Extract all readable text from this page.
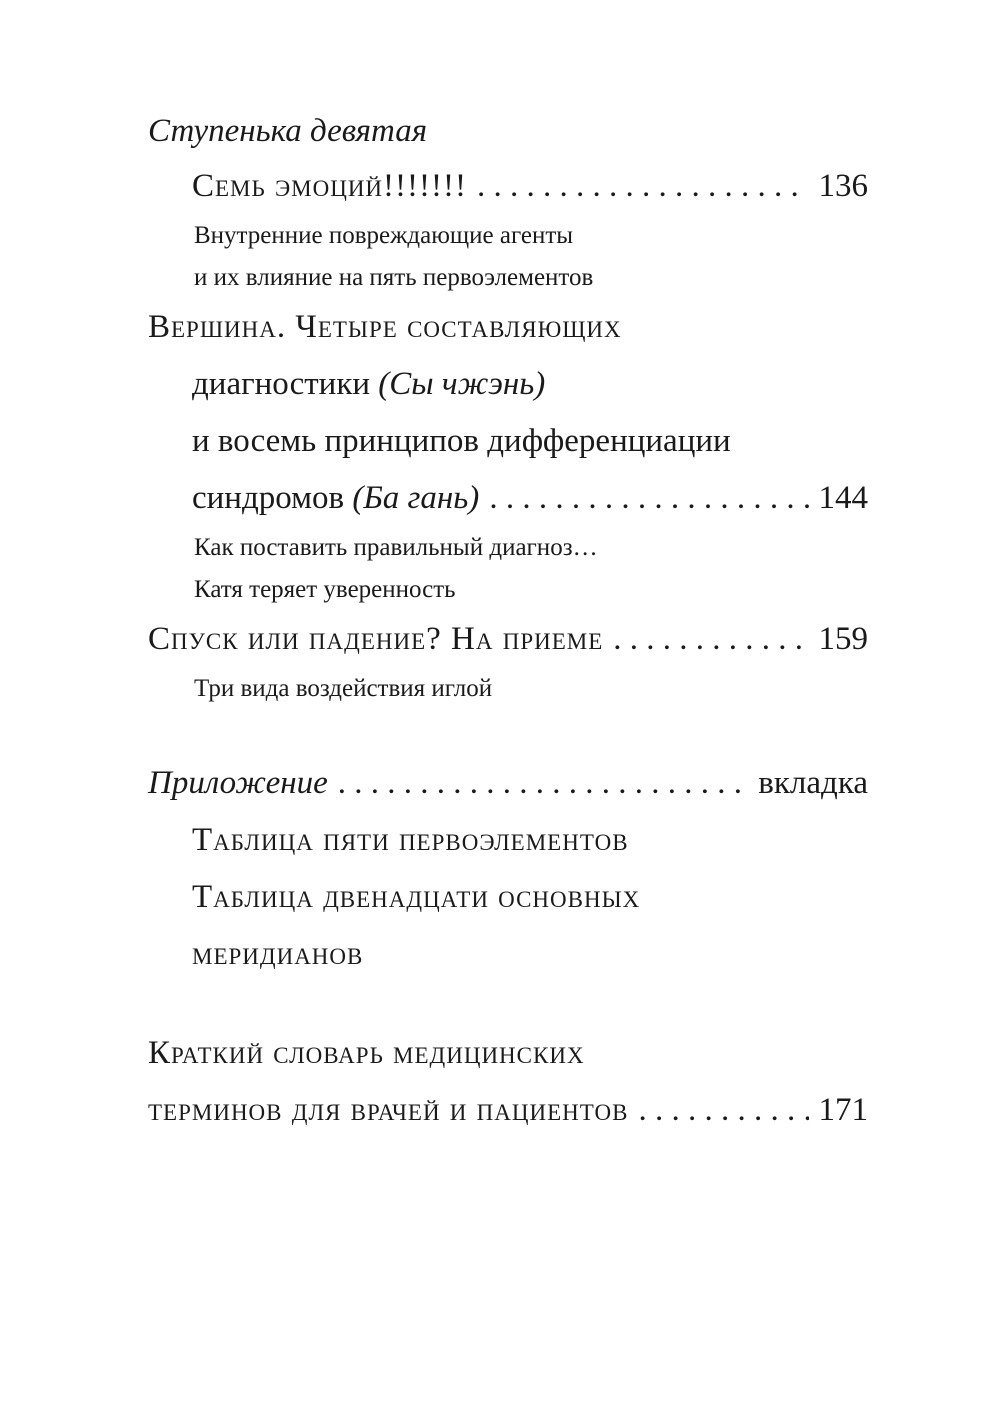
Ступенька девятая
Семь эмоций!!!!!!! . . .	136
Внутренние повреждающие агенты
и их влияние на пять первоэлементов
Вершина. Четыре составляющих
диагностики (Сы чжэнь)
и восемь принципов дифференциации
синдромов (Ба гань) . . .	144
Как поставить правильный диагноз…
Катя теряет уверенность
Спуск или падение? На приеме . . .	159
Три вида воздействия иглой
Приложение . . .	вкладка
Таблица пяти первоэлементов
Таблица двенадцати основных
меридианов
Краткий словарь медицинских
терминов для врачей и пациентов . . .	171
